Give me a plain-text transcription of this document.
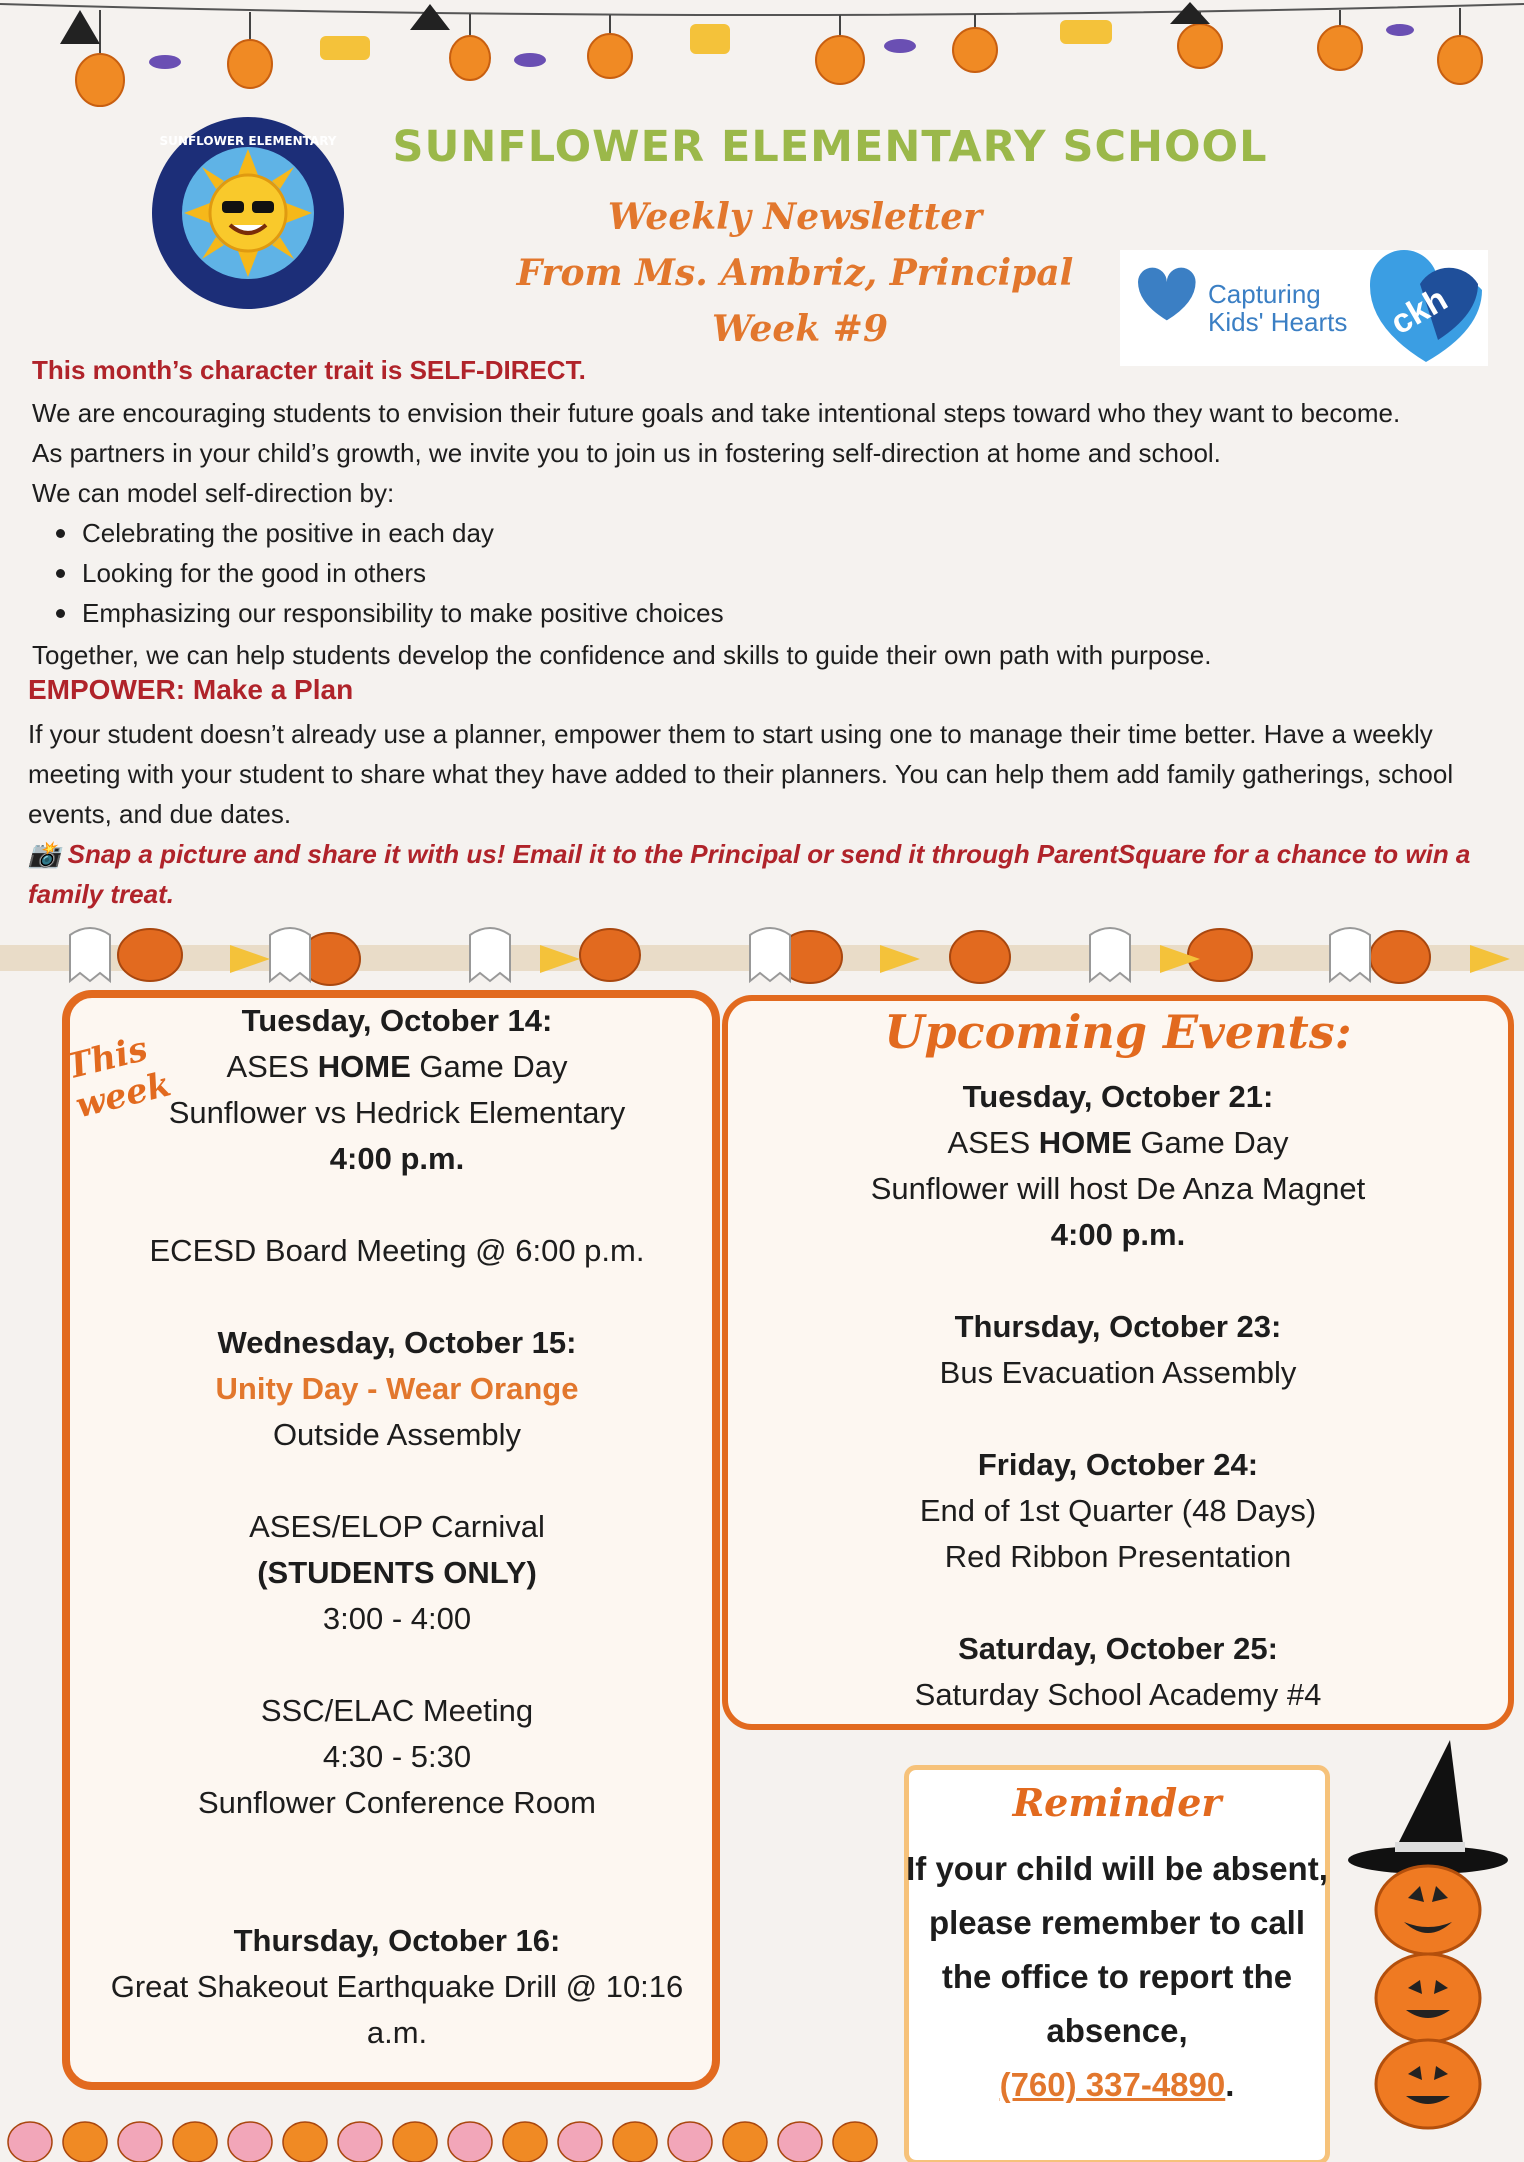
SUNFLOWER ELEMENTARY	SUNFLOWER ELEMENTARY SCHOOL
Weekly Newsletter
From Ms. Ambriz, Principal
Week #9
Capturing
Kids' Hearts ckh
This month’s character trait is SELF-DIRECT.
We are encouraging students to envision their future goals and take intentional steps toward who they want to become.
As partners in your child’s growth, we invite you to join us in fostering self-direction at home and school.
We can model self-direction by:
Celebrating the positive in each day
Looking for the good in others
Emphasizing our responsibility to make positive choices
Together, we can help students develop the confidence and skills to guide their own path with purpose.
EMPOWER: Make a Plan
If your student doesn’t already use a planner, empower them to start using one to manage their time better. Have a weekly meeting with your student to share what they have added to their planners. You can help them add family gatherings, school events, and due dates.
📸 Snap a picture and share it with us! Email it to the Principal or send it through ParentSquare for a chance to win a family treat.
This week
Tuesday, October 14:
ASES HOME Game Day
Sunflower vs Hedrick Elementary
4:00 p.m.
ECESD Board Meeting @ 6:00 p.m.
Wednesday, October 15:
Unity Day - Wear Orange
Outside Assembly
ASES/ELOP Carnival
(STUDENTS ONLY)
3:00 - 4:00
SSC/ELAC Meeting
4:30 - 5:30
Sunflower Conference Room
Thursday, October 16:
Great Shakeout Earthquake Drill @ 10:16
a.m.
Upcoming Events:
Tuesday, October 21:
ASES HOME Game Day
Sunflower will host De Anza Magnet
4:00 p.m.
Thursday, October 23:
Bus Evacuation Assembly
Friday, October 24:
End of 1st Quarter (48 Days)
Red Ribbon Presentation
Saturday, October 25:
Saturday School Academy #4
Reminder
If your child will be absent,
please remember to call
the office to report the
absence,
(760) 337-4890.
